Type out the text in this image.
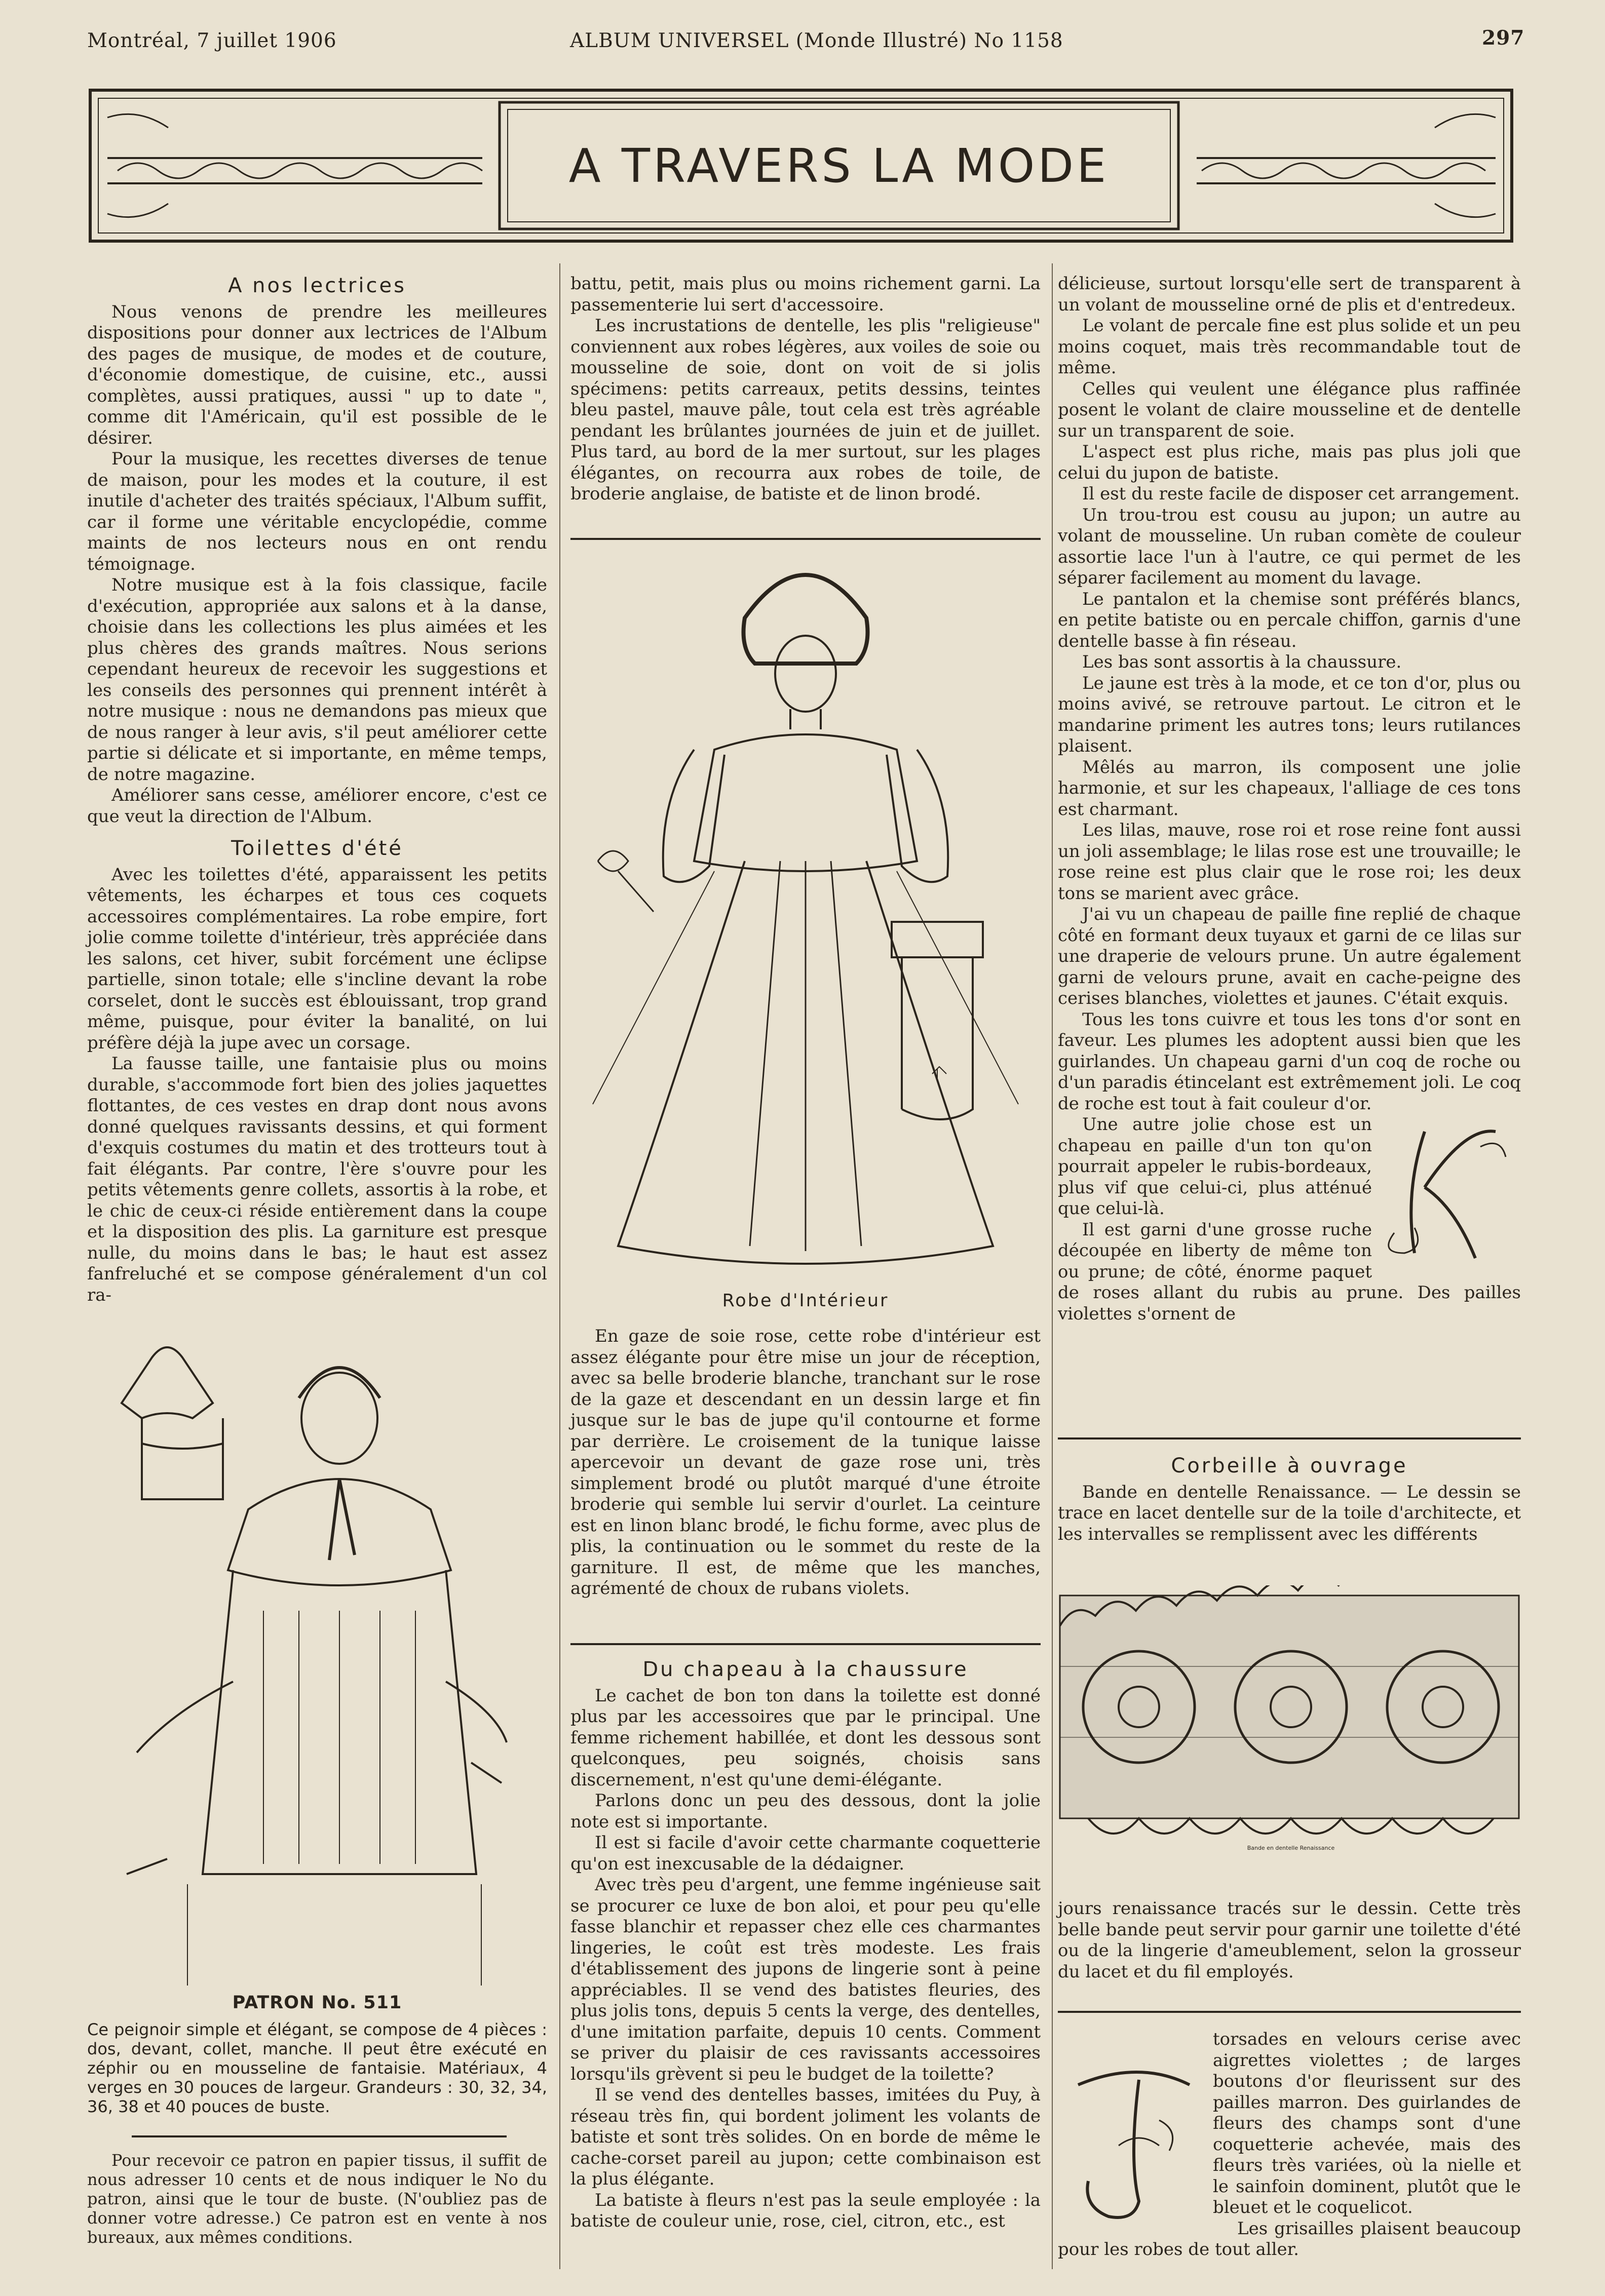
Montréal, 7 juillet 1906	ALBUM UNIVERSEL (Monde Illustré) No 1158	297
A TRAVERS LA MODE
A nos lectrices

Nous venons de prendre les meilleures dispositions pour donner aux lectrices de l'Album des pages de musique, de modes et de couture, d'économie domestique, de cuisine, etc., aussi complètes, aussi pratiques, aussi " up to date ", comme dit l'Américain, qu'il est possible de le désirer.

Pour la musique, les recettes diverses de tenue de maison, pour les modes et la couture, il est inutile d'acheter des traités spéciaux, l'Album suffit, car il forme une véritable encyclopédie, comme maints de nos lecteurs nous en ont rendu témoignage.

Notre musique est à la fois classique, facile d'exécution, appropriée aux salons et à la danse, choisie dans les collections les plus aimées et les plus chères des grands maîtres. Nous serions cependant heureux de recevoir les suggestions et les conseils des personnes qui prennent intérêt à notre musique : nous ne demandons pas mieux que de nous ranger à leur avis, s'il peut améliorer cette partie si délicate et si importante, en même temps, de notre magazine.

Améliorer sans cesse, améliorer encore, c'est ce que veut la direction de l'Album.

Toilettes d'été

Avec les toilettes d'été, apparaissent les petits vêtements, les écharpes et tous ces coquets accessoires complémentaires. La robe empire, fort jolie comme toilette d'intérieur, très appréciée dans les salons, cet hiver, subit forcément une éclipse partielle, sinon totale; elle s'incline devant la robe corselet, dont le succès est éblouissant, trop grand même, puisque, pour éviter la banalité, on lui préfère déjà la jupe avec un corsage.

La fausse taille, une fantaisie plus ou moins durable, s'accommode fort bien des jolies jaquettes flottantes, de ces vestes en drap dont nous avons donné quelques ravissants dessins, et qui forment d'exquis costumes du matin et des trotteurs tout à fait élégants. Par contre, l'ère s'ouvre pour les petits vêtements genre collets, assortis à la robe, et le chic de ceux-ci réside entièrement dans la coupe et la disposition des plis. La garniture est presque nulle, du moins dans le bas; le haut est assez fanfreluché et se compose généralement d'un col ra-

PATRON No. 511

Ce peignoir simple et élégant, se compose de 4 pièces : dos, devant, collet, manche. Il peut être exécuté en zéphir ou en mousseline de fantaisie. Matériaux, 4 verges en 30 pouces de largeur. Grandeurs : 30, 32, 34, 36, 38 et 40 pouces de buste.

Pour recevoir ce patron en papier tissus, il suffit de nous adresser 10 cents et de nous indiquer le No du patron, ainsi que le tour de buste. (N'oubliez pas de donner votre adresse.) Ce patron est en vente à nos bureaux, aux mêmes conditions.

battu, petit, mais plus ou moins richement garni. La passementerie lui sert d'accessoire.

Les incrustations de dentelle, les plis "religieuse" conviennent aux robes légères, aux voiles de soie ou mousseline de soie, dont on voit de si jolis spécimens: petits carreaux, petits dessins, teintes bleu pastel, mauve pâle, tout cela est très agréable pendant les brûlantes journées de juin et de juillet. Plus tard, au bord de la mer surtout, sur les plages élégantes, on recourra aux robes de toile, de broderie anglaise, de batiste et de linon brodé.

Robe d'Intérieur

En gaze de soie rose, cette robe d'intérieur est assez élégante pour être mise un jour de réception, avec sa belle broderie blanche, tranchant sur le rose de la gaze et descendant en un dessin large et fin jusque sur le bas de jupe qu'il contourne et forme par derrière. Le croisement de la tunique laisse apercevoir un devant de gaze rose uni, très simplement brodé ou plutôt marqué d'une étroite broderie qui semble lui servir d'ourlet. La ceinture est en linon blanc brodé, le fichu forme, avec plus de plis, la continuation ou le sommet du reste de la garniture. Il est, de même que les manches, agrémenté de choux de rubans violets.

Du chapeau à la chaussure

Le cachet de bon ton dans la toilette est donné plus par les accessoires que par le principal. Une femme richement habillée, et dont les dessous sont quelconques, peu soignés, choisis sans discernement, n'est qu'une demi-élégante.

Parlons donc un peu des dessous, dont la jolie note est si importante.

Il est si facile d'avoir cette charmante coquetterie qu'on est inexcusable de la dédaigner.

Avec très peu d'argent, une femme ingénieuse sait se procurer ce luxe de bon aloi, et pour peu qu'elle fasse blanchir et repasser chez elle ces charmantes lingeries, le coût est très modeste. Les frais d'établissement des jupons de lingerie sont à peine appréciables. Il se vend des batistes fleuries, des plus jolis tons, depuis 5 cents la verge, des dentelles, d'une imitation parfaite, depuis 10 cents. Comment se priver du plaisir de ces ravissants accessoires lorsqu'ils grèvent si peu le budget de la toilette?

Il se vend des dentelles basses, imitées du Puy, à réseau très fin, qui bordent joliment les volants de batiste et sont très solides. On en borde de même le cache-corset pareil au jupon; cette combinaison est la plus élégante.

La batiste à fleurs n'est pas la seule employée : la batiste de couleur unie, rose, ciel, citron, etc., est

délicieuse, surtout lorsqu'elle sert de transparent à un volant de mousseline orné de plis et d'entredeux.

Le volant de percale fine est plus solide et un peu moins coquet, mais très recommandable tout de même.

Celles qui veulent une élégance plus raffinée posent le volant de claire mousseline et de dentelle sur un transparent de soie.

L'aspect est plus riche, mais pas plus joli que celui du jupon de batiste.

Il est du reste facile de disposer cet arrangement.

Un trou-trou est cousu au jupon; un autre au volant de mousseline. Un ruban comète de couleur assortie lace l'un à l'autre, ce qui permet de les séparer facilement au moment du lavage.

Le pantalon et la chemise sont préférés blancs, en petite batiste ou en percale chiffon, garnis d'une dentelle basse à fin réseau.

Les bas sont assortis à la chaussure.

Le jaune est très à la mode, et ce ton d'or, plus ou moins avivé, se retrouve partout. Le citron et le mandarine priment les autres tons; leurs rutilances plaisent.

Mêlés au marron, ils composent une jolie harmonie, et sur les chapeaux, l'alliage de ces tons est charmant.

Les lilas, mauve, rose roi et rose reine font aussi un joli assemblage; le lilas rose est une trouvaille; le rose reine est plus clair que le rose roi; les deux tons se marient avec grâce.

J'ai vu un chapeau de paille fine replié de chaque côté en formant deux tuyaux et garni de ce lilas sur une draperie de velours prune. Un autre également garni de velours prune, avait en cache-peigne des cerises blanches, violettes et jaunes. C'était exquis.

Tous les tons cuivre et tous les tons d'or sont en faveur. Les plumes les adoptent aussi bien que les guirlandes. Un chapeau garni d'un coq de roche ou d'un paradis étincelant est extrêmement joli. Le coq de roche est tout à fait couleur d'or.

Une autre jolie chose est un chapeau en paille d'un ton qu'on pourrait appeler le rubis-bordeaux, plus vif que celui-ci, plus atténué que celui-là.

Il est garni d'une grosse ruche découpée en liberty de même ton ou prune; de côté, énorme paquet de roses allant du rubis au prune. Des pailles violettes s'ornent de

Corbeille à ouvrage

Bande en dentelle Renaissance. — Le dessin se trace en lacet dentelle sur de la toile d'architecte, et les intervalles se remplissent avec les différents

Bande en dentelle Renaissance

jours renaissance tracés sur le dessin. Cette très belle bande peut servir pour garnir une toilette d'été ou de la lingerie d'ameublement, selon la grosseur du lacet et du fil employés.

torsades en velours cerise avec aigrettes violettes ; de larges boutons d'or fleurissent sur des pailles marron. Des guirlandes de fleurs des champs sont d'une coquetterie achevée, mais des fleurs très variées, où la nielle et le sainfoin dominent, plutôt que le bleuet et le coquelicot.

Les grisailles plaisent beaucoup pour les robes de tout aller.
